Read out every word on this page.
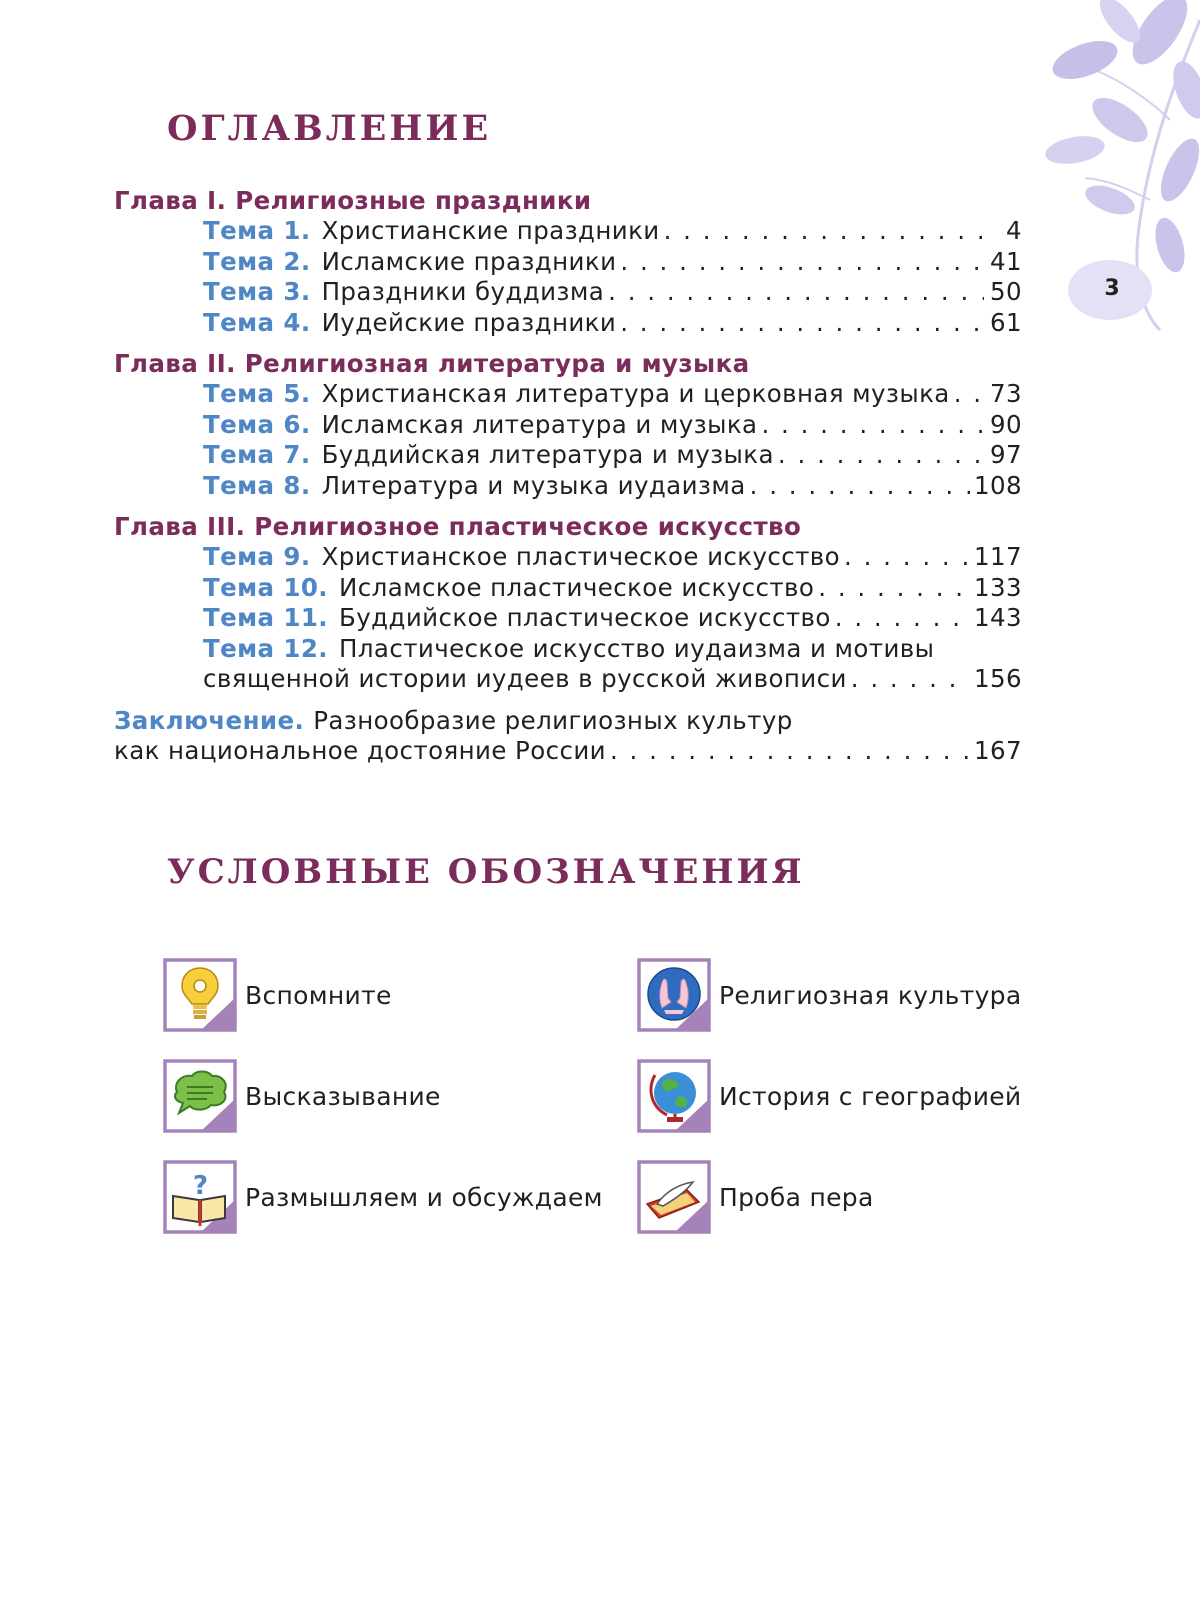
3
ОГЛАВЛЕНИЕ
Глава I. Религиозные праздники
Тема 1. Христианские праздники . . .	4
Тема 2. Исламские праздники . . .	41
Тема 3. Праздники буддизма . . .	50
Тема 4. Иудейские праздники . . .	61
Глава II. Религиозная литература и музыка
Тема 5. Христианская литература и церковная музыка . . . 73
Тема 6. Исламская литература и музыка . . .	90
Тема 7. Буддийская литература и музыка . . .	97
Тема 8. Литература и музыка иудаизма . . .	108
Глава III. Религиозное пластическое искусство
Тема 9. Христианское пластическое искусство . . .	117
Тема 10. Исламское пластическое искусство . . .	133
Тема 11. Буддийское пластическое искусство . . .	143
Тема 12. Пластическое искусство иудаизма и мотивы
священной истории иудеев в русской живописи . . .	156
Заключение. Разнообразие религиозных культур
как национальное достояние России . . .	167
УСЛОВНЫЕ ОБОЗНАЧЕНИЯ
Вспомните	Религиозная культура
Высказывание	История с географией
? Размышляем и обсуждаем	Проба пера
